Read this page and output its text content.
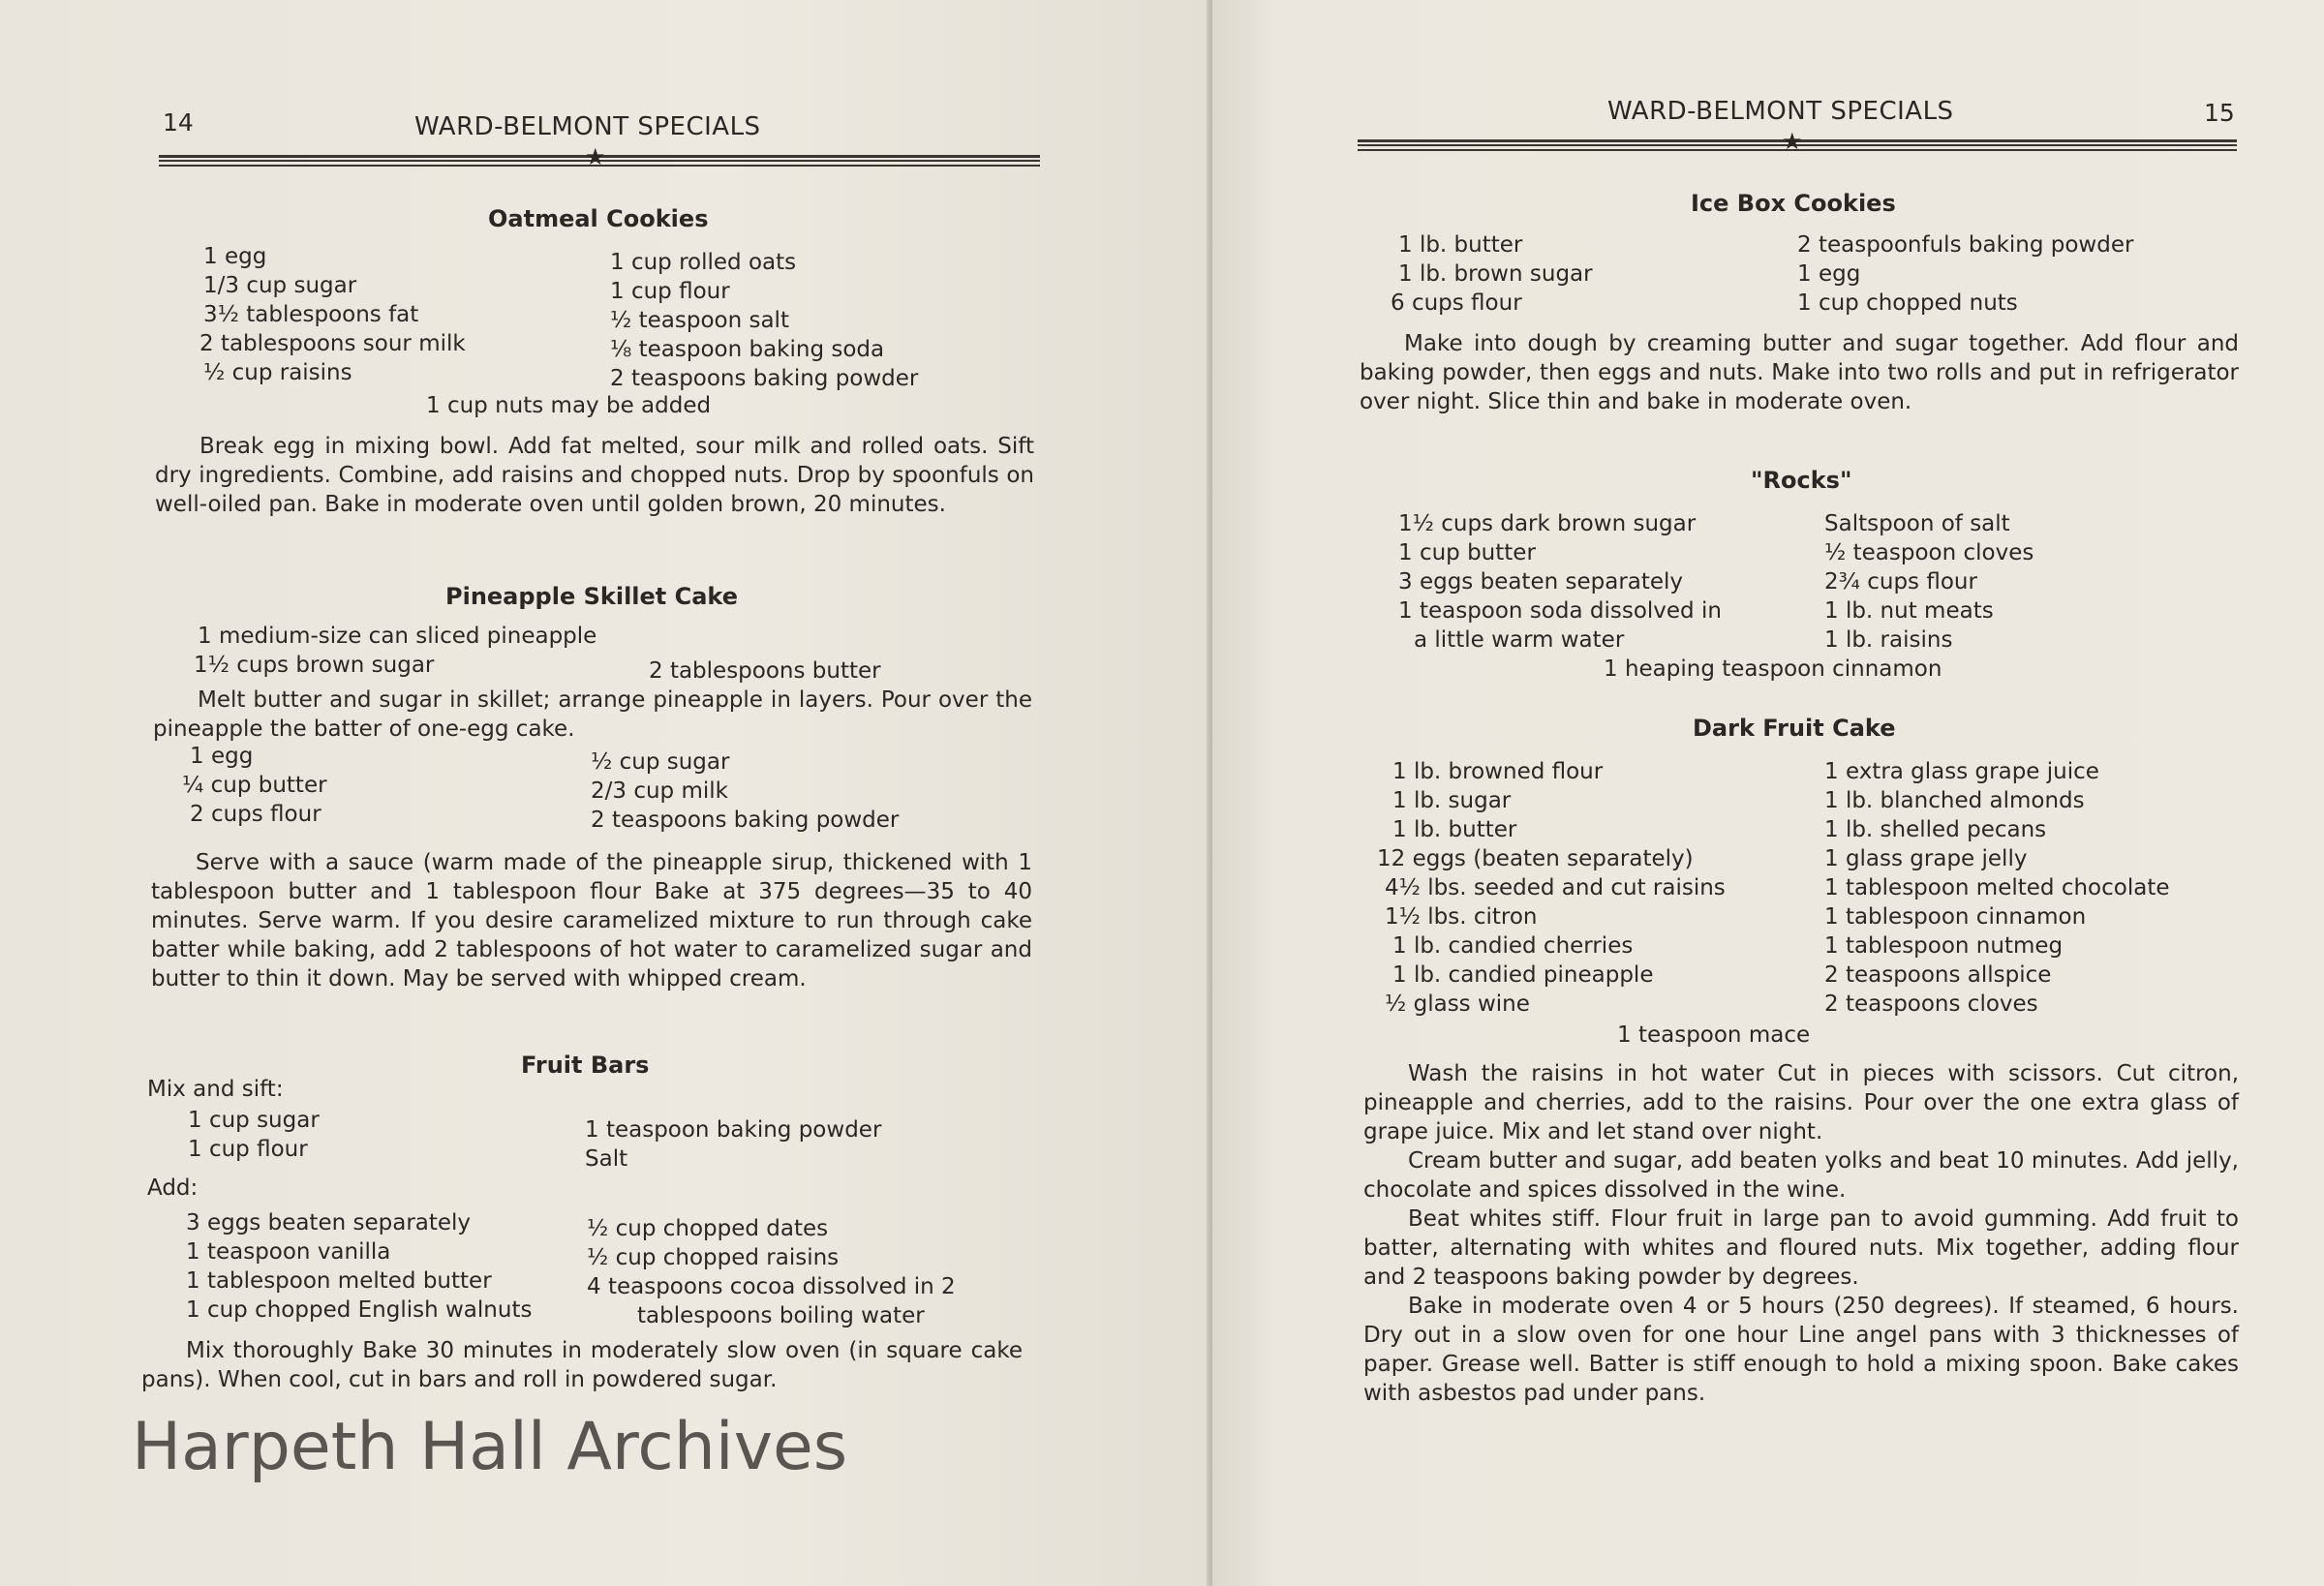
14	WARD-BELMONT SPECIALS
★
Oatmeal Cookies
1 egg
1/3 cup sugar
3½ tablespoons fat
2 tablespoons sour milk
½ cup raisins
1 cup rolled oats
1 cup flour
½ teaspoon salt
⅛ teaspoon baking soda
2 teaspoons baking powder
1 cup nuts may be added
Break egg in mixing bowl. Add fat melted, sour milk and rolled oats. Sift dry ingredients. Combine, add raisins and chopped nuts. Drop by spoonfuls on well-oiled pan. Bake in moderate oven until golden brown, 20 minutes.
Pineapple Skillet Cake
1 medium-size can sliced pineapple
1½ cups brown sugar	2 tablespoons butter
Melt butter and sugar in skillet; arrange pineapple in layers. Pour over the pineapple the batter of one-egg cake.
1 egg
¼ cup butter
2 cups flour
½ cup sugar
2/3 cup milk
2 teaspoons baking powder
Serve with a sauce (warm made of the pineapple sirup, thickened with 1 tablespoon butter and 1 tablespoon flour Bake at 375 degrees—35 to 40 minutes. Serve warm. If you desire caramelized mixture to run through cake batter while baking, add 2 tablespoons of hot water to caramelized sugar and butter to thin it down. May be served with whipped cream.
Fruit Bars
Mix and sift:
1 cup sugar
1 cup flour
1 teaspoon baking powder
Salt
Add:
3 eggs beaten separately
1 teaspoon vanilla
1 tablespoon melted butter
1 cup chopped English walnuts
½ cup chopped dates
½ cup chopped raisins
4 teaspoons cocoa dissolved in 2
tablespoons boiling water
Mix thoroughly Bake 30 minutes in moderately slow oven (in square cake pans). When cool, cut in bars and roll in powdered sugar.
Harpeth Hall Archives
WARD-BELMONT SPECIALS	15
★
Ice Box Cookies
1 lb. butter
1 lb. brown sugar
6 cups flour
2 teaspoonfuls baking powder
1 egg
1 cup chopped nuts
Make into dough by creaming butter and sugar together. Add flour and baking powder, then eggs and nuts. Make into two rolls and put in refrigerator over night. Slice thin and bake in moderate oven.
"Rocks"
1½ cups dark brown sugar
1 cup butter
3 eggs beaten separately
1 teaspoon soda dissolved in
a little warm water
Saltspoon of salt
½ teaspoon cloves
2¾ cups flour
1 lb. nut meats
1 lb. raisins
1 heaping teaspoon cinnamon
Dark Fruit Cake
1 lb. browned flour
1 lb. sugar
1 lb. butter
12 eggs (beaten separately)
4½ lbs. seeded and cut raisins
1½ lbs. citron
1 lb. candied cherries
1 lb. candied pineapple
½ glass wine
1 extra glass grape juice
1 lb. blanched almonds
1 lb. shelled pecans
1 glass grape jelly
1 tablespoon melted chocolate
1 tablespoon cinnamon
1 tablespoon nutmeg
2 teaspoons allspice
2 teaspoons cloves
1 teaspoon mace
Wash the raisins in hot water Cut in pieces with scissors. Cut citron, pineapple and cherries, add to the raisins. Pour over the one extra glass of grape juice. Mix and let stand over night.
Cream butter and sugar, add beaten yolks and beat 10 minutes. Add jelly, chocolate and spices dissolved in the wine.
Beat whites stiff. Flour fruit in large pan to avoid gumming. Add fruit to batter, alternating with whites and floured nuts. Mix together, adding flour and 2 teaspoons baking powder by degrees.
Bake in moderate oven 4 or 5 hours (250 degrees). If steamed, 6 hours. Dry out in a slow oven for one hour Line angel pans with 3 thicknesses of paper. Grease well. Batter is stiff enough to hold a mixing spoon. Bake cakes with asbestos pad under pans.
